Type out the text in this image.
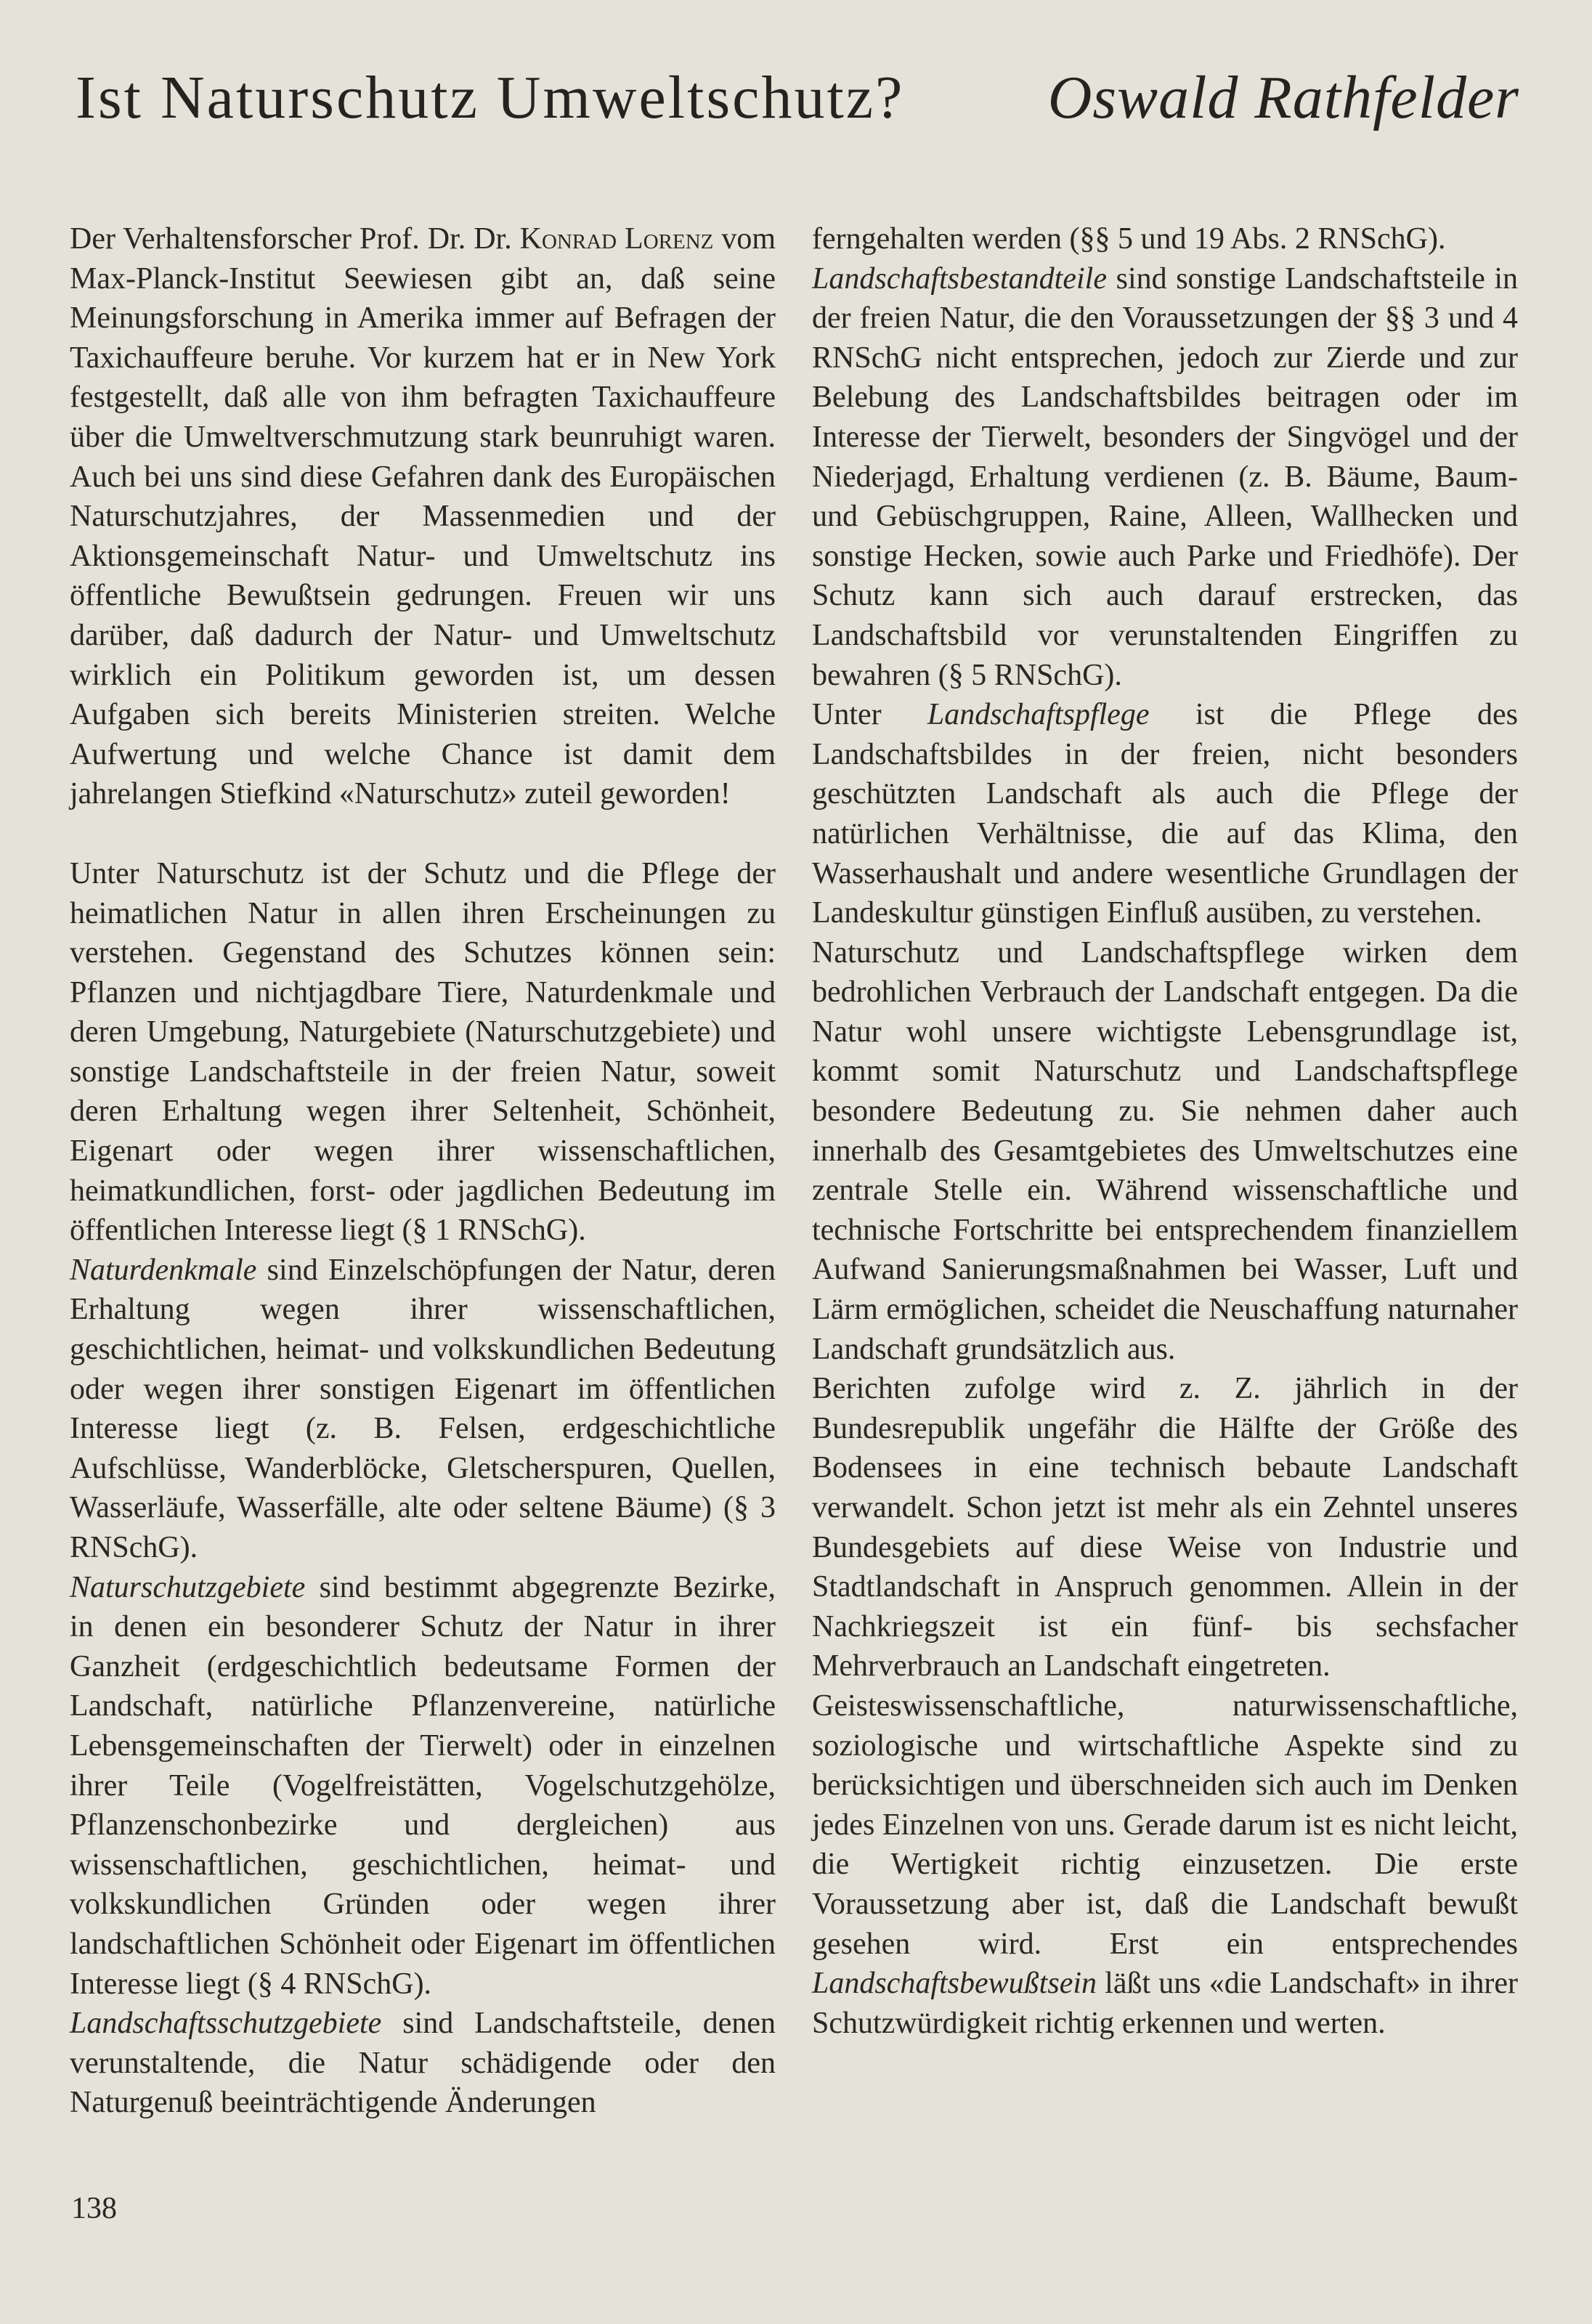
Ist Naturschutz Umweltschutz? Oswald Rathfelder

Der Verhaltensforscher Prof. Dr. Dr. Konrad Lorenz vom Max-Planck-Institut Seewiesen gibt an, daß seine Meinungsforschung in Amerika immer auf Befragen der Taxichauffeure beruhe. Vor kurzem hat er in New York festgestellt, daß alle von ihm befragten Taxichauffeure über die Umweltverschmutzung stark beunruhigt waren. Auch bei uns sind diese Gefahren dank des Europäischen Naturschutzjahres, der Massenmedien und der Aktionsgemeinschaft Natur- und Umweltschutz ins öffentliche Bewußtsein gedrungen. Freuen wir uns darüber, daß dadurch der Natur- und Umweltschutz wirklich ein Politikum geworden ist, um dessen Aufgaben sich bereits Ministerien streiten. Welche Aufwertung und welche Chance ist damit dem jahrelangen Stiefkind «Naturschutz» zuteil geworden!

Unter Naturschutz ist der Schutz und die Pflege der heimatlichen Natur in allen ihren Erscheinungen zu verstehen. Gegenstand des Schutzes können sein: Pflanzen und nichtjagdbare Tiere, Naturdenkmale und deren Umgebung, Naturgebiete (Naturschutzgebiete) und sonstige Landschaftsteile in der freien Natur, soweit deren Erhaltung wegen ihrer Seltenheit, Schönheit, Eigenart oder wegen ihrer wissenschaftlichen, heimatkundlichen, forst- oder jagdlichen Bedeutung im öffentlichen Interesse liegt (§ 1 RNSchG).

Naturdenkmale sind Einzelschöpfungen der Natur, deren Erhaltung wegen ihrer wissenschaftlichen, geschichtlichen, heimat- und volkskundlichen Bedeutung oder wegen ihrer sonstigen Eigenart im öffentlichen Interesse liegt (z. B. Felsen, erdgeschichtliche Aufschlüsse, Wanderblöcke, Gletscherspuren, Quellen, Wasserläufe, Wasserfälle, alte oder seltene Bäume) (§ 3 RNSchG).

Naturschutzgebiete sind bestimmt abgegrenzte Bezirke, in denen ein besonderer Schutz der Natur in ihrer Ganzheit (erdgeschichtlich bedeutsame Formen der Landschaft, natürliche Pflanzenvereine, natürliche Lebensgemeinschaften der Tierwelt) oder in einzelnen ihrer Teile (Vogelfreistätten, Vogelschutzgehölze, Pflanzenschonbezirke und dergleichen) aus wissenschaftlichen, geschichtlichen, heimat- und volkskundlichen Gründen oder wegen ihrer landschaftlichen Schönheit oder Eigenart im öffentlichen Interesse liegt (§ 4 RNSchG).

Landschaftsschutzgebiete sind Landschaftsteile, denen verunstaltende, die Natur schädigende oder den Naturgenuß beeinträchtigende Änderungen

ferngehalten werden (§§ 5 und 19 Abs. 2 RNSchG).

Landschaftsbestandteile sind sonstige Landschaftsteile in der freien Natur, die den Voraussetzungen der §§ 3 und 4 RNSchG nicht entsprechen, jedoch zur Zierde und zur Belebung des Landschaftsbildes beitragen oder im Interesse der Tierwelt, besonders der Singvögel und der Niederjagd, Erhaltung verdienen (z. B. Bäume, Baum- und Gebüschgruppen, Raine, Alleen, Wallhecken und sonstige Hecken, sowie auch Parke und Friedhöfe). Der Schutz kann sich auch darauf erstrecken, das Landschaftsbild vor verunstaltenden Eingriffen zu bewahren (§ 5 RNSchG).

Unter Landschaftspflege ist die Pflege des Landschaftsbildes in der freien, nicht besonders geschützten Landschaft als auch die Pflege der natürlichen Verhältnisse, die auf das Klima, den Wasserhaushalt und andere wesentliche Grundlagen der Landeskultur günstigen Einfluß ausüben, zu verstehen.

Naturschutz und Landschaftspflege wirken dem bedrohlichen Verbrauch der Landschaft entgegen. Da die Natur wohl unsere wichtigste Lebensgrundlage ist, kommt somit Naturschutz und Landschaftspflege besondere Bedeutung zu. Sie nehmen daher auch innerhalb des Gesamtgebietes des Umweltschutzes eine zentrale Stelle ein. Während wissenschaftliche und technische Fortschritte bei entsprechendem finanziellem Aufwand Sanierungsmaßnahmen bei Wasser, Luft und Lärm ermöglichen, scheidet die Neuschaffung naturnaher Landschaft grundsätzlich aus.

Berichten zufolge wird z. Z. jährlich in der Bundesrepublik ungefähr die Hälfte der Größe des Bodensees in eine technisch bebaute Landschaft verwandelt. Schon jetzt ist mehr als ein Zehntel unseres Bundesgebiets auf diese Weise von Industrie und Stadtlandschaft in Anspruch genommen. Allein in der Nachkriegszeit ist ein fünf- bis sechsfacher Mehrverbrauch an Landschaft eingetreten.

Geisteswissenschaftliche, naturwissenschaftliche, soziologische und wirtschaftliche Aspekte sind zu berücksichtigen und überschneiden sich auch im Denken jedes Einzelnen von uns. Gerade darum ist es nicht leicht, die Wertigkeit richtig einzusetzen. Die erste Voraussetzung aber ist, daß die Landschaft bewußt gesehen wird. Erst ein entsprechendes Landschaftsbewußtsein läßt uns «die Landschaft» in ihrer Schutzwürdigkeit richtig erkennen und werten.

138
